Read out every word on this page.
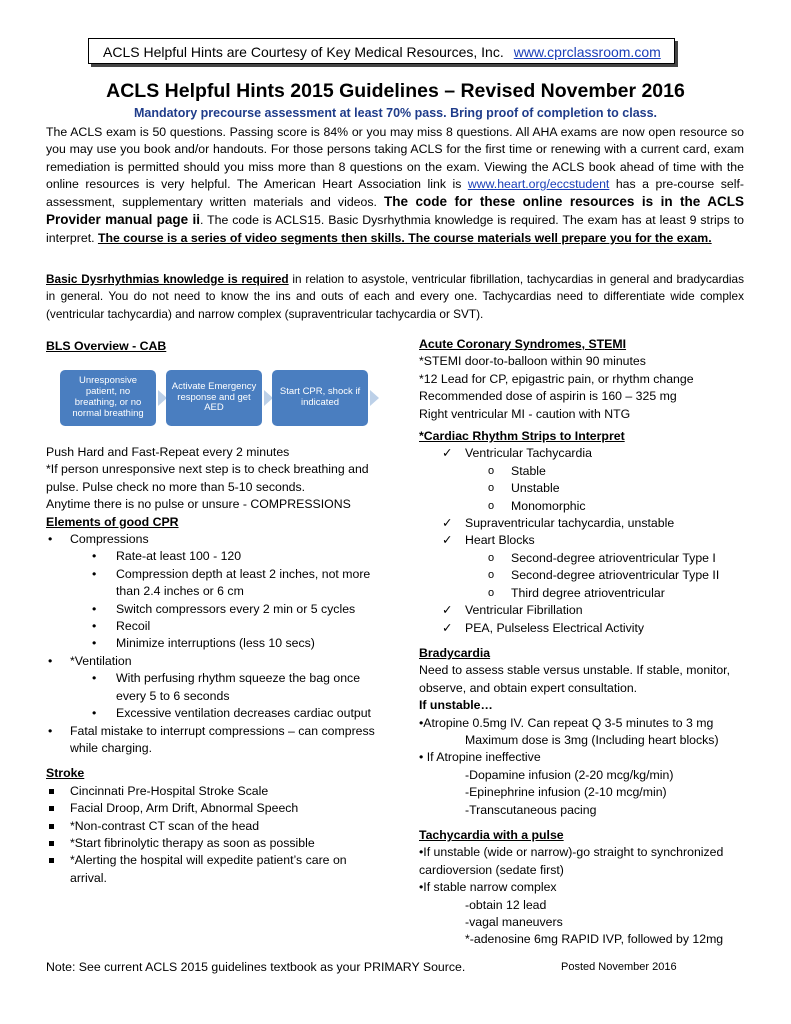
ACLS Helpful Hints are Courtesy of Key Medical Resources, Inc. www.cprclassroom.com
ACLS Helpful Hints 2015 Guidelines – Revised November 2016
Mandatory precourse assessment at least 70% pass. Bring proof of completion to class.
The ACLS exam is 50 questions. Passing score is 84% or you may miss 8 questions. All AHA exams are now open resource so you may use you book and/or handouts. For those persons taking ACLS for the first time or renewing with a current card, exam remediation is permitted should you miss more than 8 questions on the exam. Viewing the ACLS book ahead of time with the online resources is very helpful. The American Heart Association link is www.heart.org/eccstudent has a pre-course self-assessment, supplementary written materials and videos. The code for these online resources is in the ACLS Provider manual page ii. The code is ACLS15. Basic Dysrhythmia knowledge is required. The exam has at least 9 strips to interpret. The course is a series of video segments then skills. The course materials well prepare you for the exam.
Basic Dysrhythmias knowledge is required in relation to asystole, ventricular fibrillation, tachycardias in general and bradycardias in general. You do not need to know the ins and outs of each and every one. Tachycardias need to differentiate wide complex (ventricular tachycardia) and narrow complex (supraventricular tachycardia or SVT).
BLS Overview - CAB
Unresponsive patient, no breathing, or no normal breathing
Activate Emergency response and get AED
Start CPR, shock if indicated
Push Hard and Fast-Repeat every 2 minutes
*If person unresponsive next step is to check breathing and pulse. Pulse check no more than 5-10 seconds.
Anytime there is no pulse or unsure - COMPRESSIONS
Elements of good CPR
• Compressions
• Rate-at least 100 - 120
• Compression depth at least 2 inches, not more than 2.4 inches or 6 cm
• Switch compressors every 2 min or 5 cycles
• Recoil
• Minimize interruptions (less 10 secs)
• *Ventilation
• With perfusing rhythm squeeze the bag once every 5 to 6 seconds
• Excessive ventilation decreases cardiac output
• Fatal mistake to interrupt compressions – can compress while charging.
Stroke
Cincinnati Pre-Hospital Stroke Scale
Facial Droop, Arm Drift, Abnormal Speech
*Non-contrast CT scan of the head
*Start fibrinolytic therapy as soon as possible
*Alerting the hospital will expedite patient’s care on arrival.
Acute Coronary Syndromes, STEMI
*STEMI door-to-balloon within 90 minutes
*12 Lead for CP, epigastric pain, or rhythm change
Recommended dose of aspirin is 160 – 325 mg
Right ventricular MI - caution with NTG
*Cardiac Rhythm Strips to Interpret
✓ Ventricular Tachycardia
o Stable
o Unstable
o Monomorphic
✓ Supraventricular tachycardia, unstable
✓ Heart Blocks
o Second-degree atrioventricular Type I
o Second-degree atrioventricular Type II
o Third degree atrioventricular
✓ Ventricular Fibrillation
✓ PEA, Pulseless Electrical Activity
Bradycardia
Need to assess stable versus unstable. If stable, monitor, observe, and obtain expert consultation.
If unstable…
•Atropine 0.5mg IV. Can repeat Q 3-5 minutes to 3 mg
Maximum dose is 3mg (Including heart blocks)
• If Atropine ineffective
-Dopamine infusion (2-20 mcg/kg/min)
-Epinephrine infusion (2-10 mcg/min)
-Transcutaneous pacing
Tachycardia with a pulse
•If unstable (wide or narrow)-go straight to synchronized cardioversion (sedate first)
•If stable narrow complex
-obtain 12 lead
-vagal maneuvers
*-adenosine 6mg RAPID IVP, followed by 12mg
Note: See current ACLS 2015 guidelines textbook as your PRIMARY Source.	Posted November 2016
